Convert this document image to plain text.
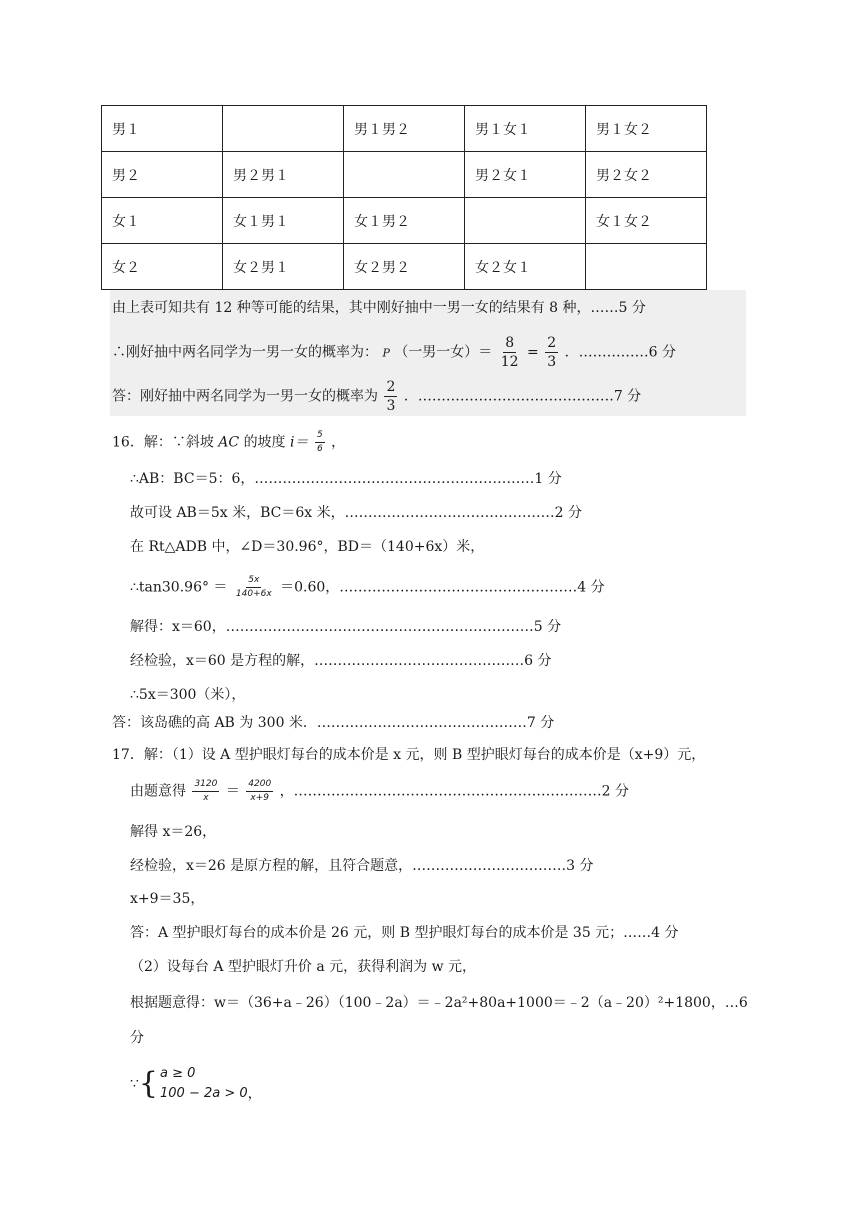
男１		男１男２	男１女１	男１女２
男２	男２男１		男２女１	男２女２
女１	女１男１	女１男２		女１女２
女２	女２男１	女２男２	女２女１	
由上表可知共有 12 种等可能的结果，其中刚好抽中一男一女的结果有 8 种，……5 分
∴刚好抽中两名同学为一男一女的概率为： P （一男一女）＝ $\frac{8}{12} = \frac{2}{3}$ ．……………6 分
答：刚好抽中两名同学为一男一女的概率为 $\frac{2}{3}$ ．……………………………………7 分
16．解：∵斜坡 AC 的坡度 $i= \frac{5}{6}$ ，
∴AB：BC＝5：6，……………………………………………………1 分
故可设 AB＝5x 米，BC＝6x 米，………………………………………2 分
在 Rt△ADB 中，∠D＝30.96°，BD＝（140+6x）米，
∴tan30.96° ＝ $\frac{5x}{140+6x} =0.60$，……………………………………………4 分
解得：x＝60，…………………………………………………………5 分
经检验，x＝60 是方程的解，………………………………………6 分
∴5x＝300（米），
答：该岛礁的高 AB 为 300 米．………………………………………7 分
17．解：（1）设 A 型护眼灯每台的成本价是 x 元，则 B 型护眼灯每台的成本价是（x+9）元，
由题意得 $\frac{3120}{x} = \frac{4200}{x+9}$ ，…………………………………………………………2 分
解得 x＝26，
经检验，x＝26 是原方程的解，且符合题意，……………………………3 分
x+9＝35，
答：A 型护眼灯每台的成本价是 26 元，则 B 型护眼灯每台的成本价是 35 元；……4 分
（2）设每台 A 型护眼灯升价 a 元，获得利润为 w 元，
根据题意得：w＝（36+a﹣26）（100﹣2a）＝﹣2a²+80a+1000＝﹣2（a﹣20）²+1800，…6
分
∵ { a ≥ 0
100 − 2a > 0 ，
